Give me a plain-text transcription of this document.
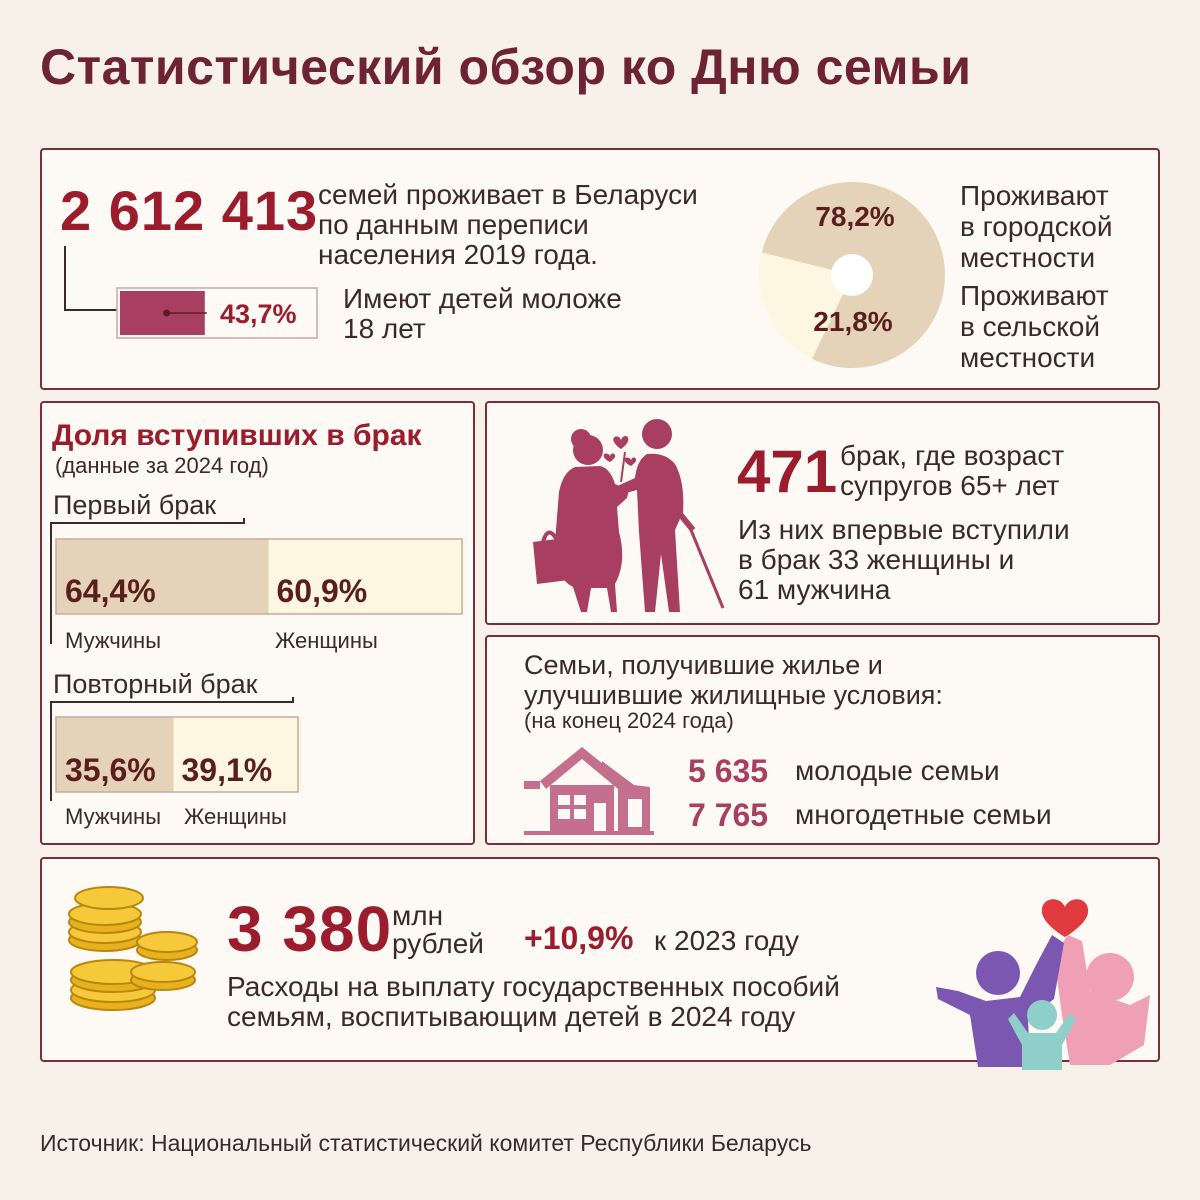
Статистический обзор ко Дню семьи
2 612 413 семей проживает в Беларуси
по данным переписи
населения 2019 года.
43,7% Имеют детей моложе
18 лет
78,2%
21,8%
Проживают
в городской
местности
Проживают
в сельской
местности
Доля вступивших в брак
(данные за 2024 год)
Первый брак
64,4%	60,9%
Мужчины	Женщины
Повторный брак
35,6% 39,1%
Мужчины Женщины
471 брак, где возраст
супругов 65+ лет
Из них впервые вступили
в брак 33 женщины и
61 мужчина
Семьи, получившие жилье и
улучшившие жилищные условия:
(на конец 2024 года)
5 635 молодые семьи
7 765 многодетные семьи
3 380 млн
рублей +10,9% к 2023 году
Расходы на выплату государственных пособий
семьям, воспитывающим детей в 2024 году
Источник: Национальный статистический комитет Республики Беларусь
